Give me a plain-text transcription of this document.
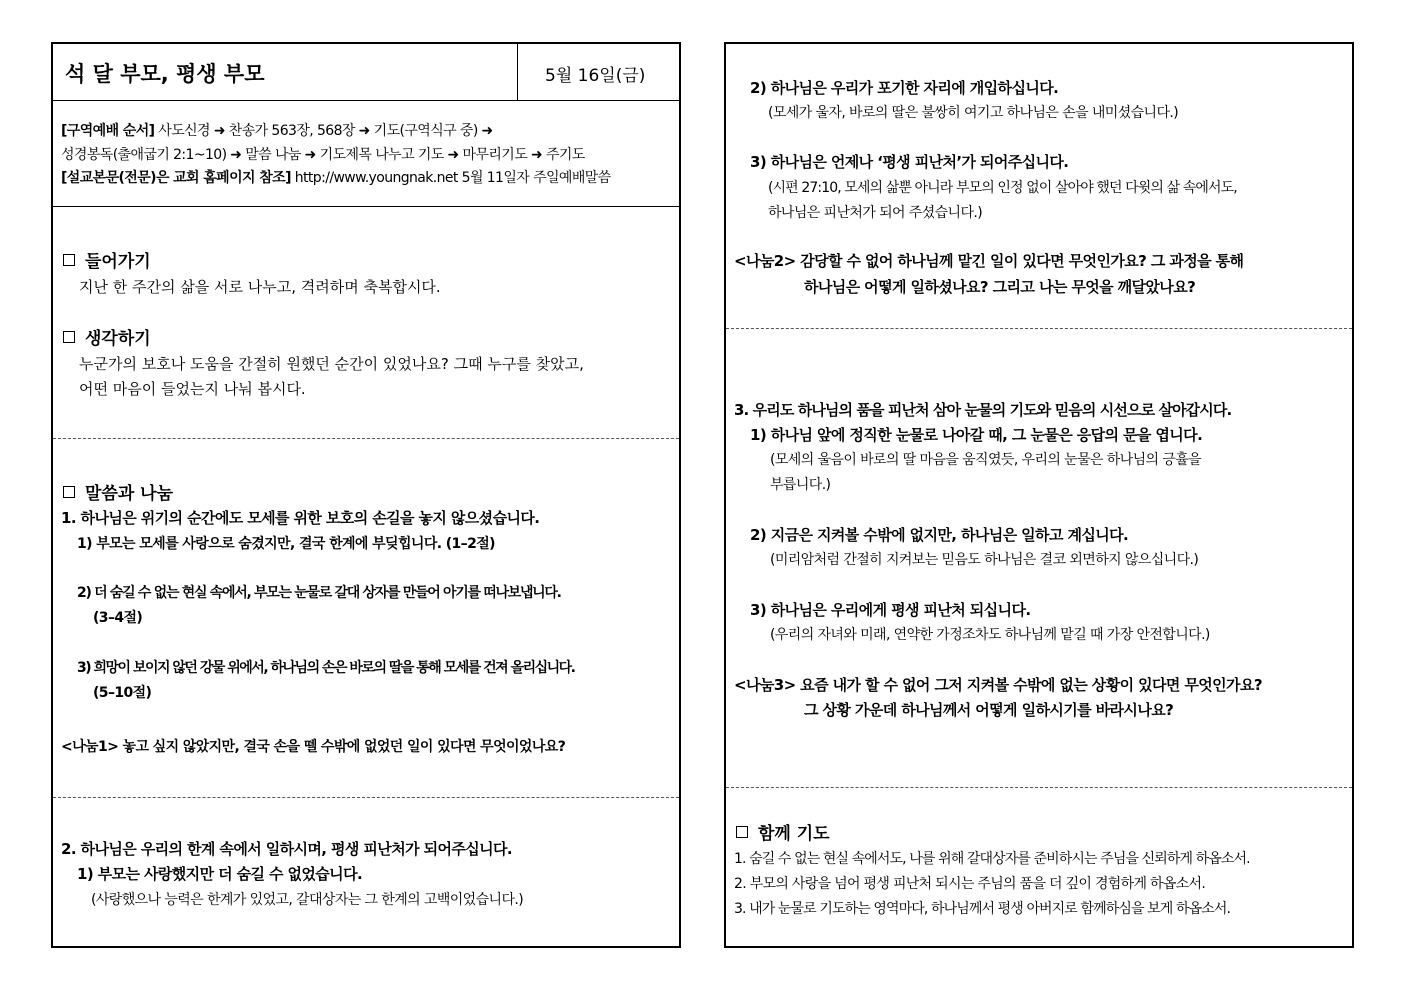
석 달 부모, 평생 부모	5월 16일(금)
[구역예배 순서] 사도신경 ➜ 찬송가 563장, 568장 ➜ 기도(구역식구 중) ➜
성경봉독(출애굽기 2:1~10) ➜ 말씀 나눔 ➜ 기도제목 나누고 기도 ➜ 마무리기도 ➜ 주기도
[설교본문(전문)은 교회 홈페이지 참조] http://www.youngnak.net 5월 11일자 주일예배말씀
들어가기
지난 한 주간의 삶을 서로 나누고, 격려하며 축복합시다.
생각하기
누군가의 보호나 도움을 간절히 원했던 순간이 있었나요? 그때 누구를 찾았고,
어떤 마음이 들었는지 나눠 봅시다.
말씀과 나눔
1. 하나님은 위기의 순간에도 모세를 위한 보호의 손길을 놓지 않으셨습니다.
1) 부모는 모세를 사랑으로 숨겼지만, 결국 한계에 부딪힙니다. (1–2절)
2) 더 숨길 수 없는 현실 속에서, 부모는 눈물로 갈대 상자를 만들어 아기를 떠나보냅니다.
(3–4절)
3) 희망이 보이지 않던 강물 위에서, 하나님의 손은 바로의 딸을 통해 모세를 건져 올리십니다.
(5–10절)
<나눔1> 놓고 싶지 않았지만, 결국 손을 뗄 수밖에 없었던 일이 있다면 무엇이었나요?
2. 하나님은 우리의 한계 속에서 일하시며, 평생 피난처가 되어주십니다.
1) 부모는 사랑했지만 더 숨길 수 없었습니다.
(사랑했으나 능력은 한계가 있었고, 갈대상자는 그 한계의 고백이었습니다.)
2) 하나님은 우리가 포기한 자리에 개입하십니다.
(모세가 울자, 바로의 딸은 불쌍히 여기고 하나님은 손을 내미셨습니다.)
3) 하나님은 언제나 ‘평생 피난처’가 되어주십니다.
(시편 27:10, 모세의 삶뿐 아니라 부모의 인정 없이 살아야 했던 다윗의 삶 속에서도,
하나님은 피난처가 되어 주셨습니다.)
<나눔2> 감당할 수 없어 하나님께 맡긴 일이 있다면 무엇인가요? 그 과정을 통해
하나님은 어떻게 일하셨나요? 그리고 나는 무엇을 깨달았나요?
3. 우리도 하나님의 품을 피난처 삼아 눈물의 기도와 믿음의 시선으로 살아갑시다.
1) 하나님 앞에 정직한 눈물로 나아갈 때, 그 눈물은 응답의 문을 엽니다.
(모세의 울음이 바로의 딸 마음을 움직였듯, 우리의 눈물은 하나님의 긍휼을
부릅니다.)
2) 지금은 지켜볼 수밖에 없지만, 하나님은 일하고 계십니다.
(미리암처럼 간절히 지켜보는 믿음도 하나님은 결코 외면하지 않으십니다.)
3) 하나님은 우리에게 평생 피난처 되십니다.
(우리의 자녀와 미래, 연약한 가정조차도 하나님께 맡길 때 가장 안전합니다.)
<나눔3> 요즘 내가 할 수 없어 그저 지켜볼 수밖에 없는 상황이 있다면 무엇인가요?
그 상황 가운데 하나님께서 어떻게 일하시기를 바라시나요?
함께 기도
1. 숨길 수 없는 현실 속에서도, 나를 위해 갈대상자를 준비하시는 주님을 신뢰하게 하옵소서.
2. 부모의 사랑을 넘어 평생 피난처 되시는 주님의 품을 더 깊이 경험하게 하옵소서.
3. 내가 눈물로 기도하는 영역마다, 하나님께서 평생 아버지로 함께하심을 보게 하옵소서.
